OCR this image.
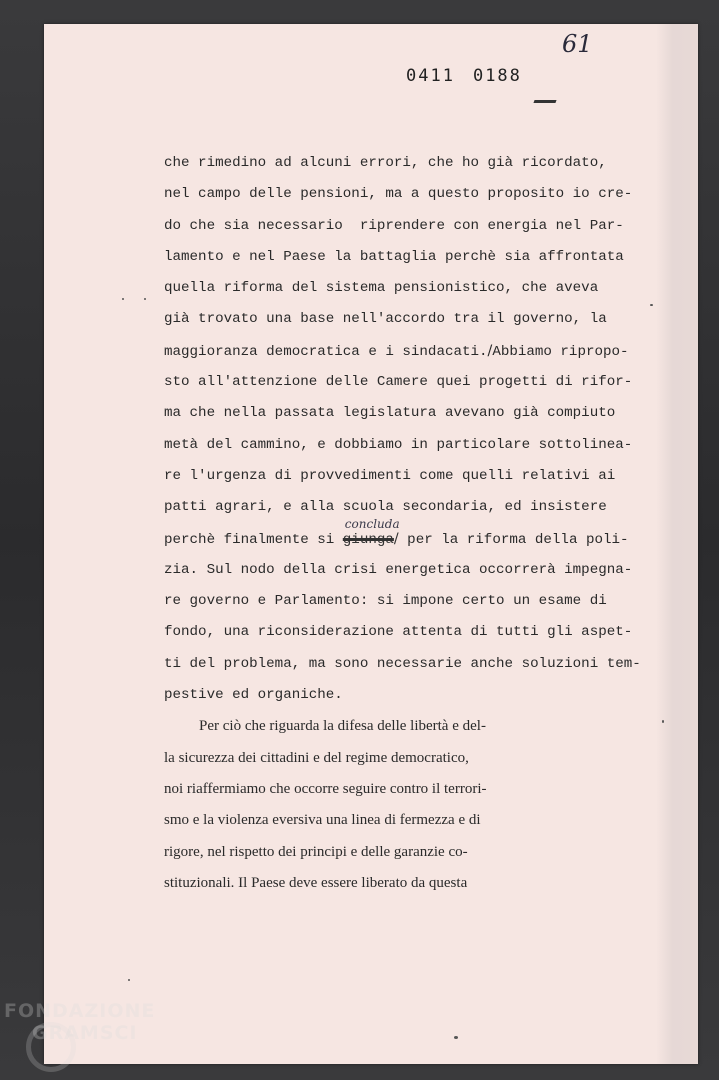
61
0411 0188
che rimedino ad alcuni errori, che ho già ricordato,
nel campo delle pensioni, ma a questo proposito io cre-
do che sia necessario  riprendere con energia nel Par-
lamento e nel Paese la battaglia perchè sia affrontata
quella riforma del sistema pensionistico, che aveva
già trovato una base nell'accordo tra il governo, la
maggioranza democratica e i sindacati./Abbiamo ripropo-
sto all'attenzione delle Camere quei progetti di rifor-
ma che nella passata legislatura avevano già compiuto
metà del cammino, e dobbiamo in particolare sottolinea-
re l'urgenza di provvedimenti come quelli relativi ai
patti agrari, e alla scuola secondaria, ed insistere
perchè finalmente si giunga
concluda
/ per la riforma della poli-
zia. Sul nodo della crisi energetica occorrerà impegna-
re governo e Parlamento: si impone certo un esame di
fondo, una riconsiderazione attenta di tutti gli aspet-
ti del problema, ma sono necessarie anche soluzioni tem-
pestive ed organiche.
Per ciò che riguarda la difesa delle libertà e del-
la sicurezza dei cittadini e del regime democratico,
noi riaffermiamo che occorre seguire contro il terrori-
smo e la violenza eversiva una linea di fermezza e di
rigore, nel rispetto dei principi e delle garanzie co-
stituzionali. Il Paese deve essere liberato da questa
FONDAZIONE
GRAMSCI
